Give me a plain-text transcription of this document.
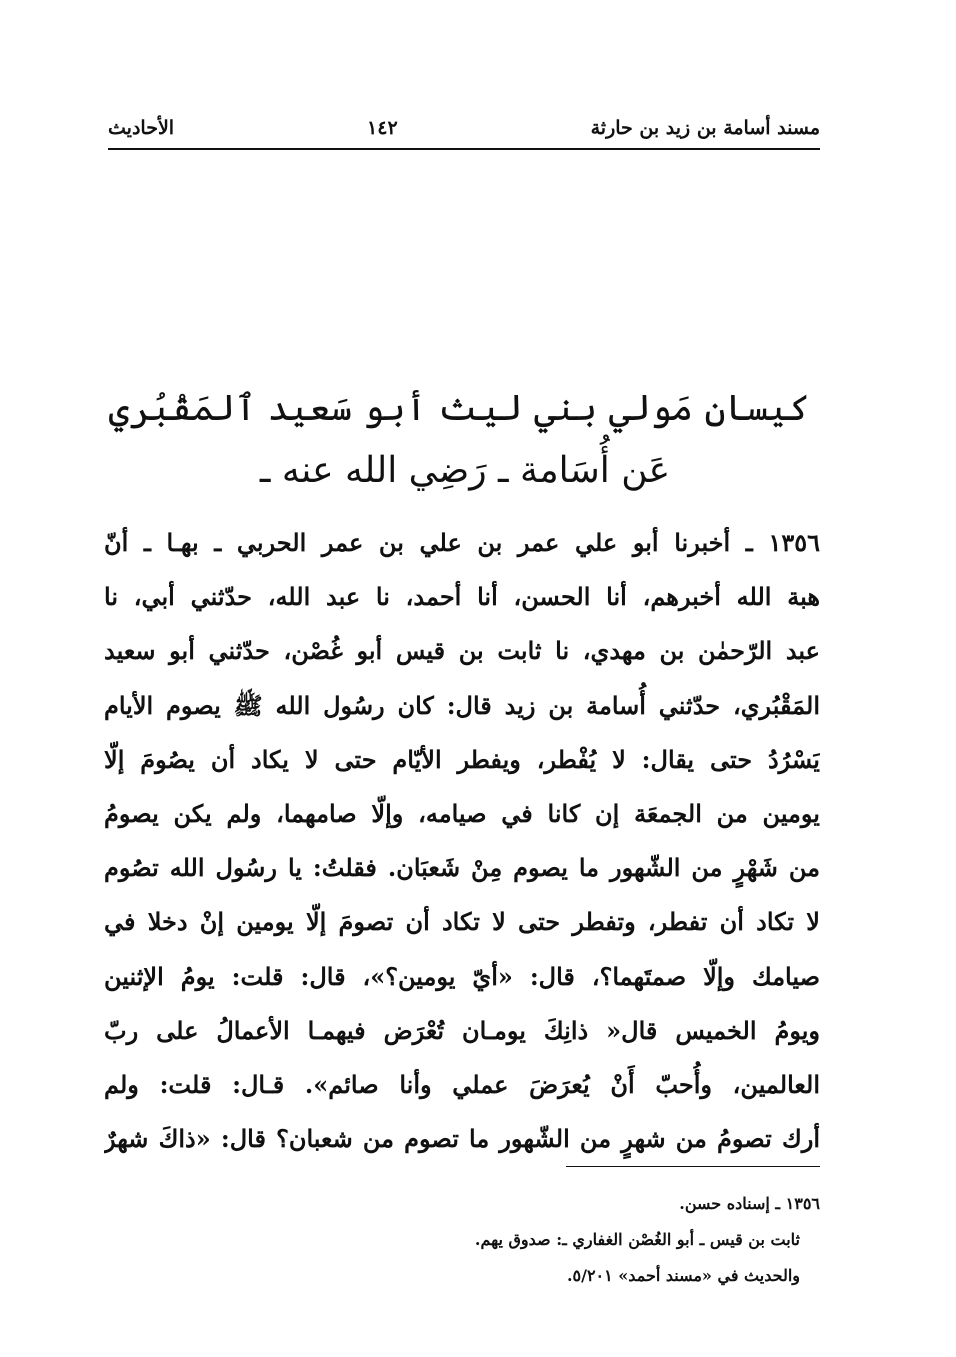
مسند أسامة بن زيد بن حارثة
١٤٢
الأحاديث
كيسان مَولي بني ليث أبو سَعيد ٱلمَقْبُري
عَن أُسَامة ـ رَضِي الله عنه ـ
١٣٥٦ ـ أخبرنا أبو علي عمر بن علي بن عمر الحربي ـ بهـا ـ أنّ
هبة الله أخبرهم، أنا الحسن، أنا أحمد، نا عبد الله، حدّثني أبي، نا
عبد الرّحمٰن بن مهدي، نا ثابت بن قيس أبو غُصْن، حدّثني أبو سعيد
المَقْبُري، حدّثني أُسامة بن زيد قال: كان رسُول الله ﷺ يصوم الأيام
يَسْرُدُ حتى يقال: لا يُفْطر، ويفطر الأيّام حتى لا يكاد أن يصُومَ إلّا
يومين من الجمعَة إن كانا في صيامه، وإلّا صامهما، ولم يكن يصومُ
من شَهْرٍ من الشّهور ما يصوم مِنْ شَعبَان. فقلتُ: يا رسُول الله تصُوم
لا تكاد أن تفطر، وتفطر حتى لا تكاد أن تصومَ إلّا يومين إنْ دخلا في
صيامك وإلّا صمتَهما؟، قال: «أيّ يومين؟»، قال: قلت: يومُ الإثنين
ويومُ الخميس قال« ذانِكَ يومـان تُعْرَض فيهمـا الأعمالُ على ربّ
العالمين، وأُحبّ أَنْ يُعرَضَ عملي وأنا صائم». قـال: قلت: ولم
أرك تصومُ من شهرٍ من الشّهور ما تصوم من شعبان؟ قال: «ذاكَ شهرٌ
١٣٥٦ ـ إسناده حسن.
ثابت بن قيس ـ أبو الغُصْن الغفاري ـ: صدوق يهم.
والحديث في «مسند أحمد» ٥/٢٠١.
